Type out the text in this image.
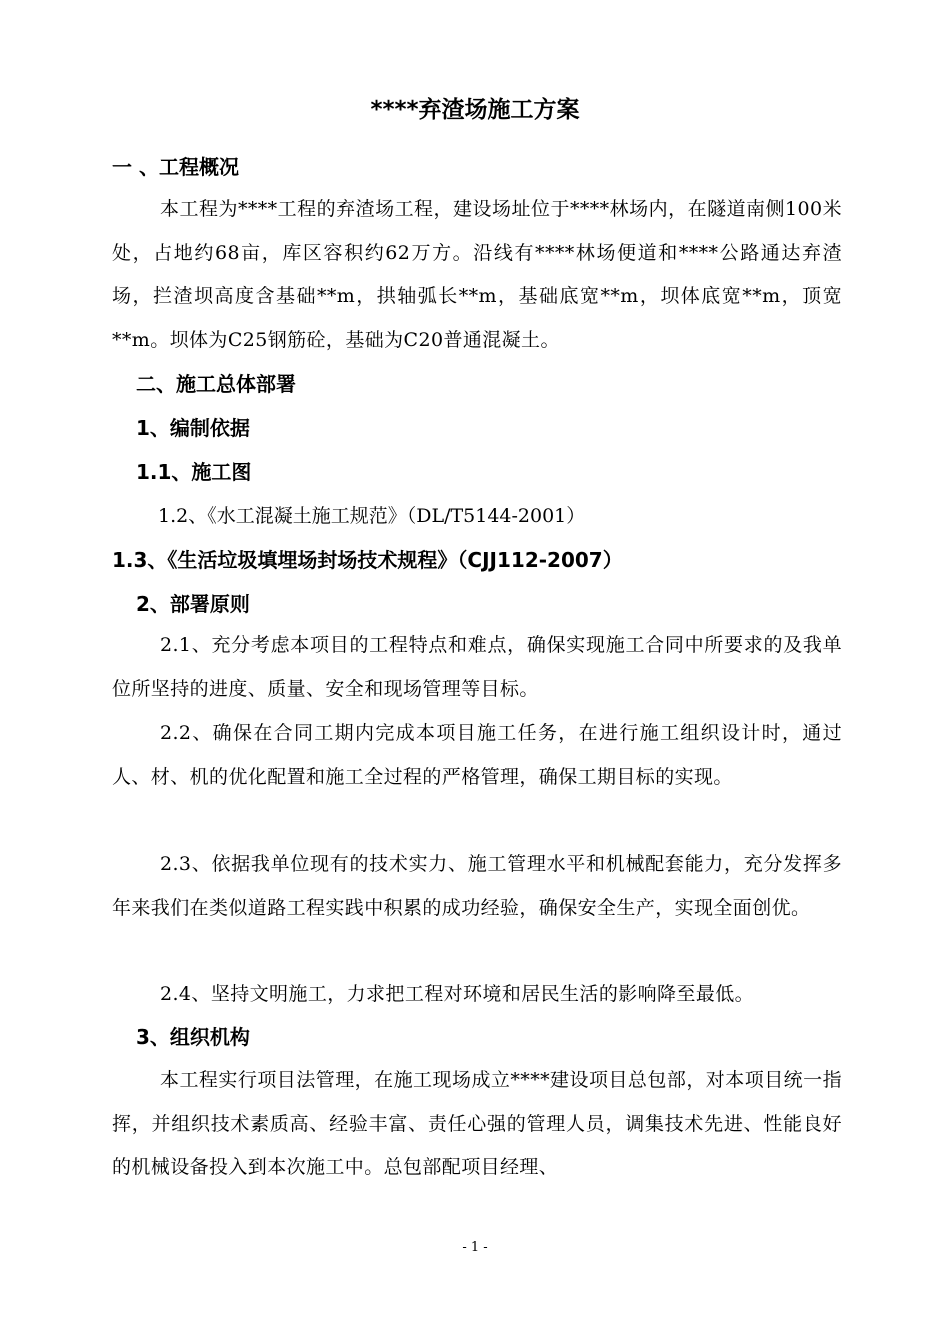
****弃渣场施工方案
一 、工程概况
本工程为****工程的弃渣场工程，建设场址位于****林场内，在隧道南侧100米处，占地约68亩，库区容积约62万方。沿线有****林场便道和****公路通达弃渣场，拦渣坝高度含基础**m，拱轴弧长**m，基础底宽**m，坝体底宽**m，顶宽**m。坝体为C25钢筋砼，基础为C20普通混凝土。
二、施工总体部署
1、编制依据
1.1、施工图
1.2、《水工混凝土施工规范》（DL/T5144-2001）
1.3、《生活垃圾填埋场封场技术规程》（CJJ112-2007）
2、部署原则
2.1、充分考虑本项目的工程特点和难点，确保实现施工合同中所要求的及我单位所坚持的进度、质量、安全和现场管理等目标。
2.2、确保在合同工期内完成本项目施工任务，在进行施工组织设计时，通过人、材、机的优化配置和施工全过程的严格管理，确保工期目标的实现。
2.3、依据我单位现有的技术实力、施工管理水平和机械配套能力，充分发挥多年来我们在类似道路工程实践中积累的成功经验，确保安全生产，实现全面创优。
2.4、坚持文明施工，力求把工程对环境和居民生活的影响降至最低。
3、组织机构
本工程实行项目法管理，在施工现场成立****建设项目总包部，对本项目统一指挥，并组织技术素质高、经验丰富、责任心强的管理人员，调集技术先进、性能良好的机械设备投入到本次施工中。总包部配项目经理、
- 1 -
